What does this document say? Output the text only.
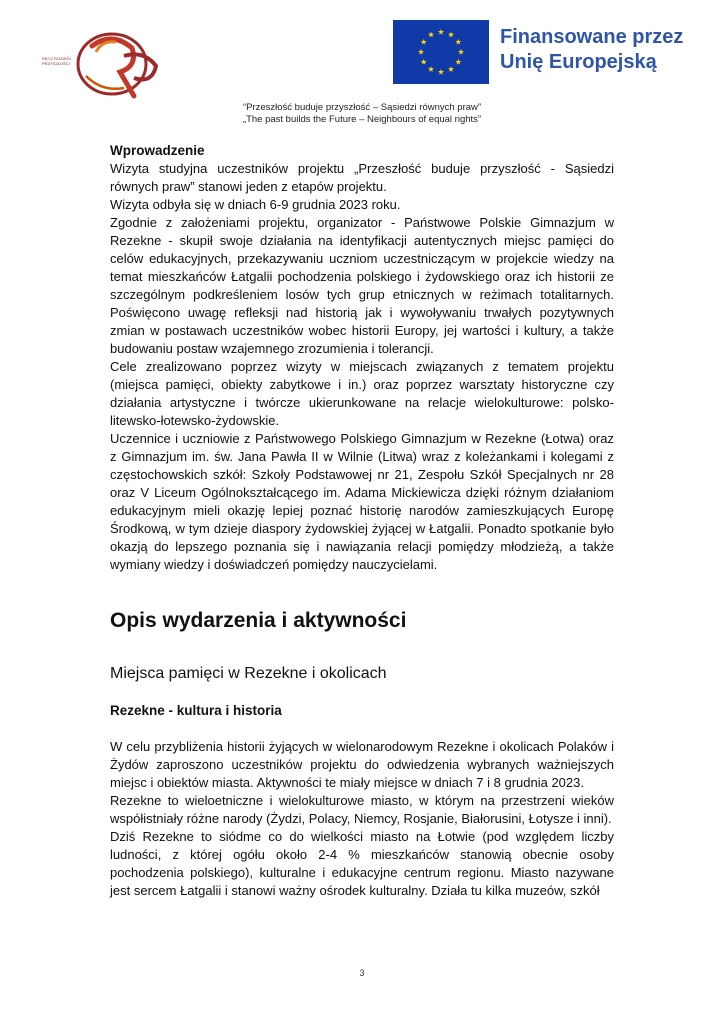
RĘCZ ROZWÓJ PRZYSZŁOŚCI
Finansowane przez
Unię Europejską
“Przeszłość buduje przyszłość – Sąsiedzi równych praw”
„The past builds the Future – Neighbours of equal rights”

Wprowadzenie

Wizyta studyjna uczestników projektu „Przeszłość buduje przyszłość - Sąsiedzi równych praw” stanowi jeden z etapów projektu.

Wizyta odbyła się w dniach 6-9 grudnia 2023 roku.

Zgodnie z założeniami projektu, organizator - Państwowe Polskie Gimnazjum w Rezekne - skupił swoje działania na identyfikacji autentycznych miejsc pamięci do celów edukacyjnych, przekazywaniu uczniom uczestniczącym w projekcie wiedzy na temat mieszkańców Łatgalii pochodzenia polskiego i żydowskiego oraz ich historii ze szczególnym podkreśleniem losów tych grup etnicznych w reżimach totalitarnych. Poświęcono uwagę refleksji nad historią jak i wywoływaniu trwałych pozytywnych zmian w postawach uczestników wobec historii Europy, jej wartości i kultury, a także budowaniu postaw wzajemnego zrozumienia i tolerancji.

Cele zrealizowano poprzez wizyty w miejscach związanych z tematem projektu (miejsca pamięci, obiekty zabytkowe i in.) oraz poprzez warsztaty historyczne czy działania artystyczne i twórcze ukierunkowane na relacje wielokulturowe: polsko-litewsko-łotewsko-żydowskie.

Uczennice i uczniowie z Państwowego Polskiego Gimnazjum w Rezekne (Łotwa) oraz z Gimnazjum im. św. Jana Pawła II w Wilnie (Litwa) wraz z koleżankami i kolegami z częstochowskich szkół: Szkoły Podstawowej nr 21, Zespołu Szkół Specjalnych nr 28 oraz V Liceum Ogólnokształcącego im. Adama Mickiewicza dzięki różnym działaniom edukacyjnym mieli okazję lepiej poznać historię narodów zamieszkujących Europę Środkową, w tym dzieje diaspory żydowskiej żyjącej w Łatgalii. Ponadto spotkanie było okazją do lepszego poznania się i nawiązania relacji pomiędzy młodzieżą, a także wymiany wiedzy i doświadczeń pomiędzy nauczycielami.

Opis wydarzenia i aktywności

Miejsca pamięci w Rezekne i okolicach

Rezekne - kultura i historia

W celu przybliżenia historii żyjących w wielonarodowym Rezekne i okolicach Polaków i Żydów zaproszono uczestników projektu do odwiedzenia wybranych ważniejszych miejsc i obiektów miasta. Aktywności te miały miejsce w dniach 7 i 8 grudnia 2023.

Rezekne to wieloetniczne i wielokulturowe miasto, w którym na przestrzeni wieków współistniały różne narody (Żydzi, Polacy, Niemcy, Rosjanie, Białorusini, Łotysze i inni).

Dziś Rezekne to siódme co do wielkości miasto na Łotwie (pod względem liczby ludności, z której ogółu około 2-4 % mieszkańców stanowią obecnie osoby pochodzenia polskiego), kulturalne i edukacyjne centrum regionu. Miasto nazywane jest sercem Łatgalii i stanowi ważny ośrodek kulturalny. Działa tu kilka muzeów, szkół

3
